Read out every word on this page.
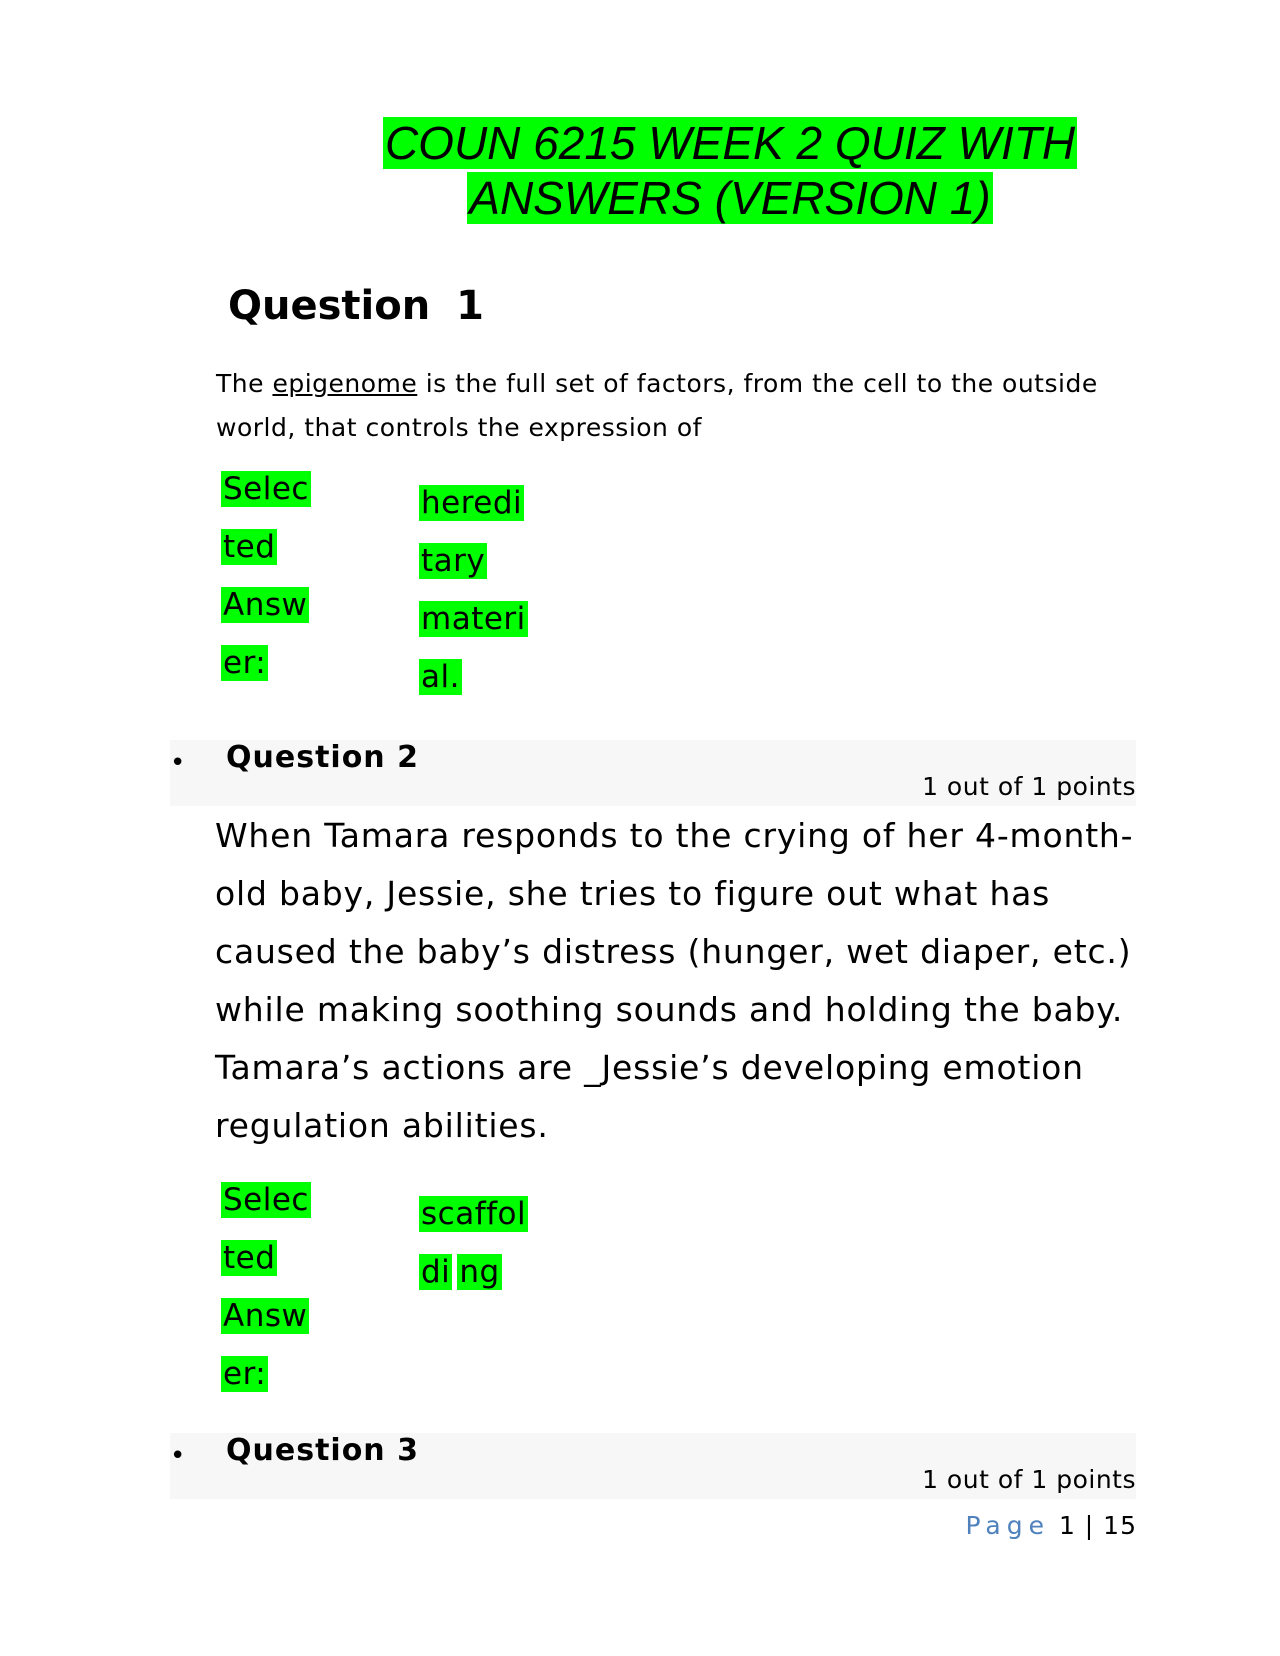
COUN 6215 WEEK 2 QUIZ WITH
ANSWERS (VERSION 1)
Question 1
The epigenome is the full set of factors, from the cell to the outside world, that controls the expression of
Selec
ted
Answ
er:
heredi
tary
materi
al.
• Question 2
1 out of 1 points
When Tamara responds to the crying of her 4-month-old baby, Jessie, she tries to figure out what has caused the baby’s distress (hunger, wet diaper, etc.) while making soothing sounds and holding the baby. Tamara’s actions are _Jessie’s developing emotion regulation abilities.
Selec
ted
Answ
er:
scaffol
di ng
• Question 3
1 out of 1 points
Page 1 | 15
